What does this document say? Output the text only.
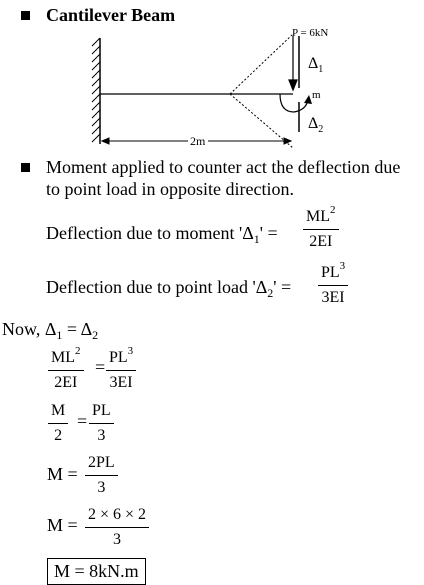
Cantilever Beam
P = 6kN
$\Delta_1$
m
$\Delta_2$
2m
Moment applied to counter act the deflection due
to point load in opposite direction.
Deflection due to moment '$\Delta_1' = \frac{ML^2}{2EI}$
Deflection due to point load '$\Delta_2' = \frac{PL^3}{3EI}$
Now, $\Delta_1 = \Delta_2$
$\frac{ML^2}{2EI} = \frac{PL^3}{3EI}$
$\frac{M}{2} = \frac{PL}{3}$
$M = \frac{2PL}{3}$
$M = \frac{2 \times 6 \times 2}{3}$
M = 8kN.m
